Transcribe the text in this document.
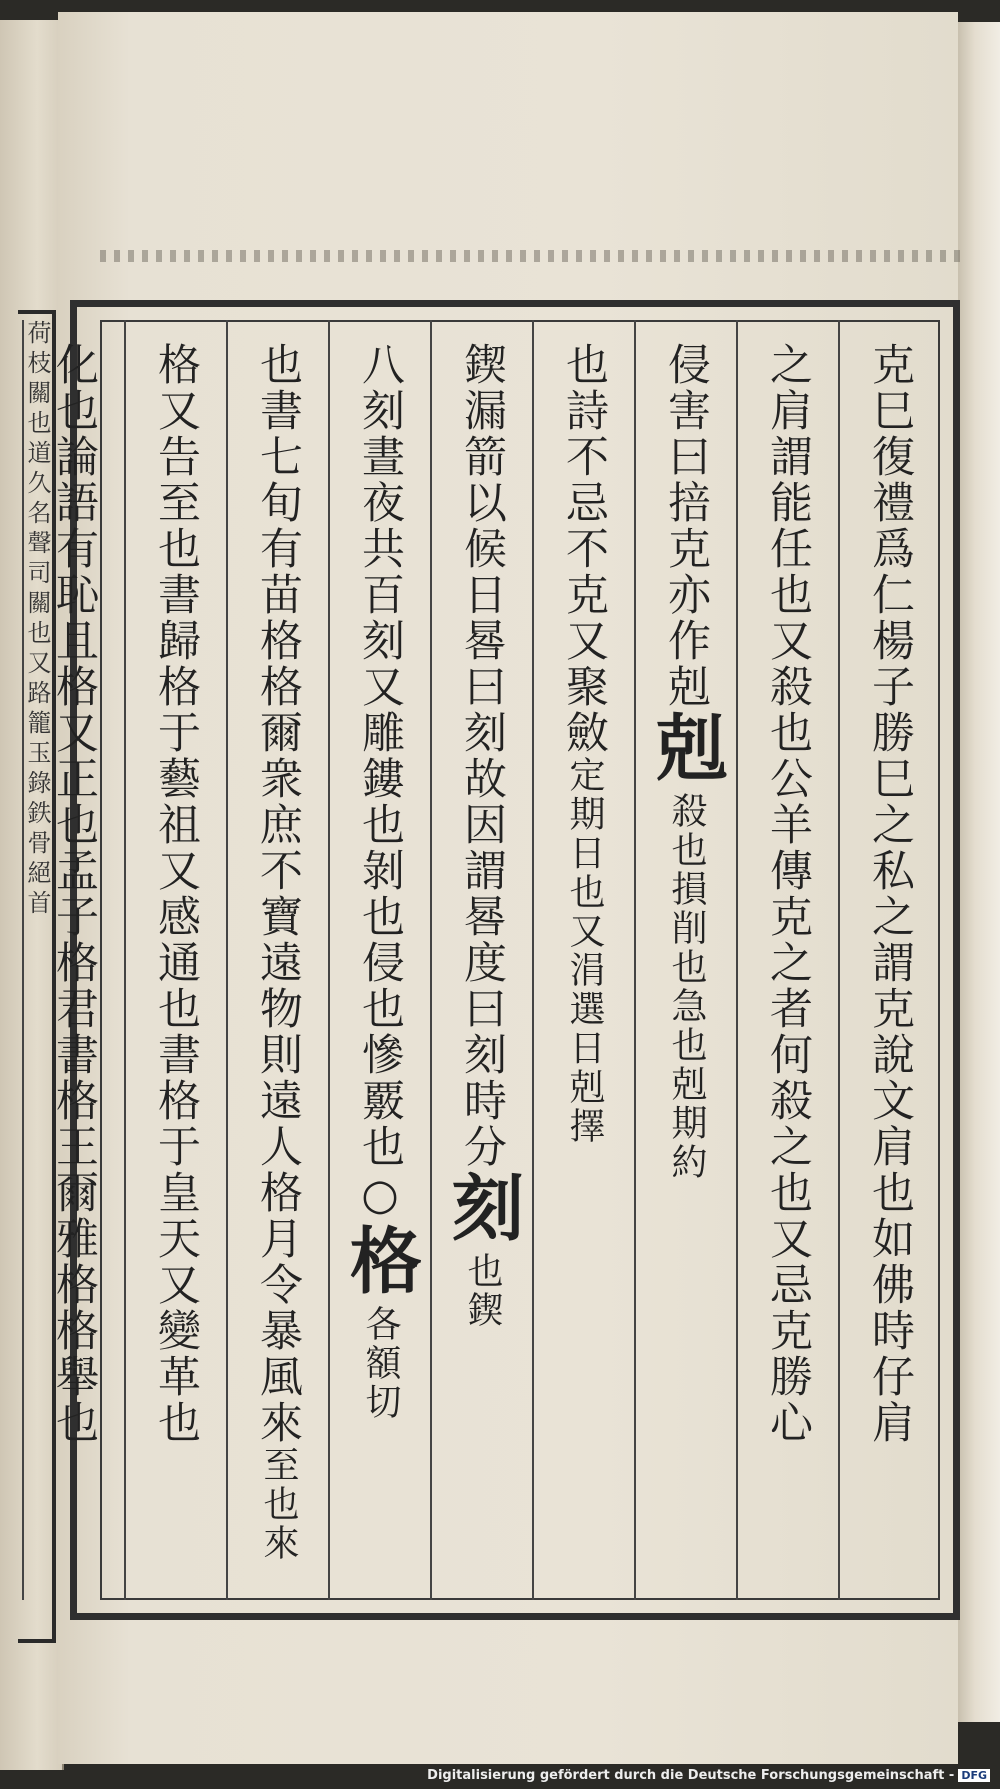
荷枝關也道久名聲司關也又路籠玉錄鉄骨絕首	克巳復禮爲仁楊子勝巳之私之謂克說文肩也如佛時仔肩
之肩謂能任也又殺也公羊傳克之者何殺之也又忌克勝心
侵害曰掊克亦作剋剋殺也損削也急也剋期約
也詩不忌不克又聚斂定期日也又涓選日剋擇
鍥漏箭以候日晷曰刻故因謂晷度曰刻時分刻也鍥
八刻晝夜共百刻又雕鏤也剝也侵也慘覈也○格各額切
也書七旬有苗格格爾衆庶不寶遠物則遠人格月令暴風來至也來
格又告至也書歸格于藝祖又感通也書格于皇天又變革也
化也論語有恥且格又正也孟子格君書格王爾雅格格舉也
Digitalisierung gefördert durch die Deutsche Forschungsgemeinschaft - DFG
